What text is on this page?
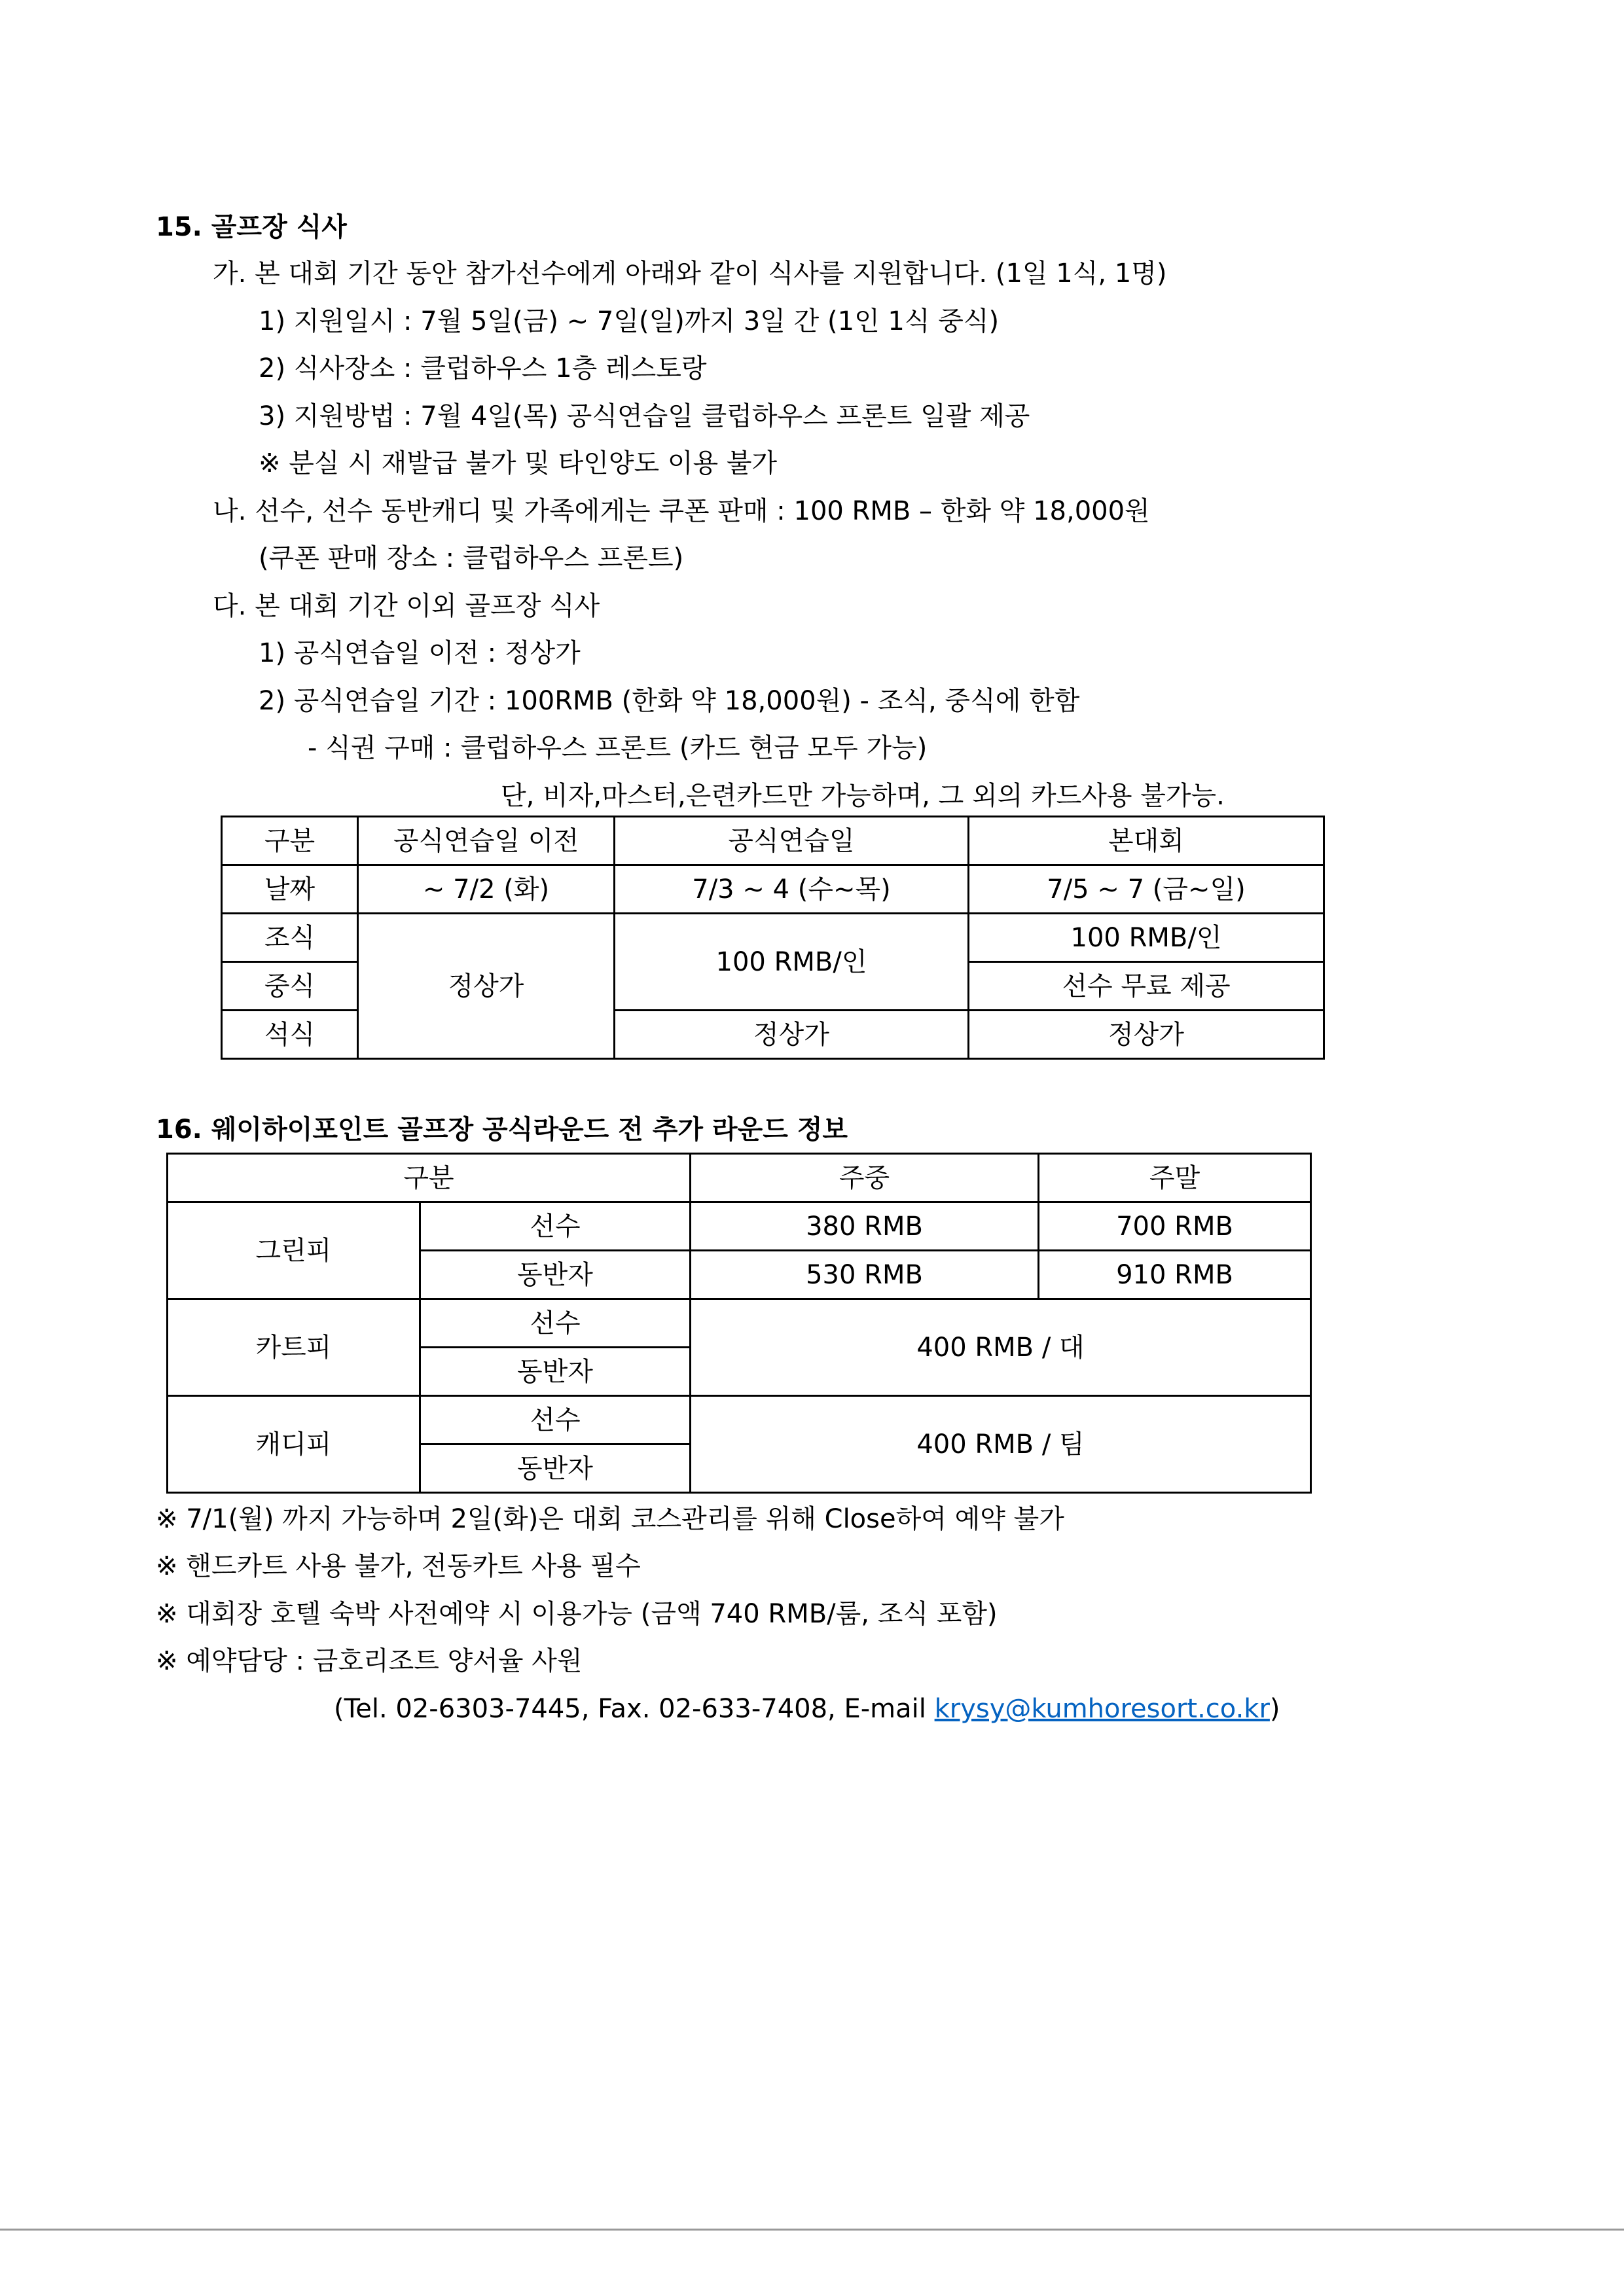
15. 골프장 식사
가. 본 대회 기간 동안 참가선수에게 아래와 같이 식사를 지원합니다. (1일 1식, 1명)
1) 지원일시 : 7월 5일(금) ~ 7일(일)까지 3일 간 (1인 1식 중식)
2) 식사장소 : 클럽하우스 1층 레스토랑
3) 지원방법 : 7월 4일(목) 공식연습일 클럽하우스 프론트 일괄 제공
※ 분실 시 재발급 불가 및 타인양도 이용 불가
나. 선수, 선수 동반캐디 및 가족에게는 쿠폰 판매 : 100 RMB – 한화 약 18,000원
(쿠폰 판매 장소 : 클럽하우스 프론트)
다. 본 대회 기간 이외 골프장 식사
1) 공식연습일 이전 : 정상가
2) 공식연습일 기간 : 100RMB (한화 약 18,000원) - 조식, 중식에 한함
- 식권 구매 : 클럽하우스 프론트 (카드 현금 모두 가능)
단, 비자,마스터,은련카드만 가능하며, 그 외의 카드사용 불가능.
구분	공식연습일 이전	공식연습일	본대회
날짜	~ 7/2 (화)	7/3 ~ 4 (수~목)	7/5 ~ 7 (금~일)
조식	정상가	100 RMB/인	100 RMB/인
중식			선수 무료 제공
석식		정상가	정상가
16. 웨이하이포인트 골프장 공식라운드 전 추가 라운드 정보
구분		주중	주말
그린피	선수	380 RMB	700 RMB
	동반자	530 RMB	910 RMB
카트피	선수	400 RMB / 대	
	동반자		
캐디피	선수	400 RMB / 팀	
	동반자		
※ 7/1(월) 까지 가능하며 2일(화)은 대회 코스관리를 위해 Close하여 예약 불가
※ 핸드카트 사용 불가, 전동카트 사용 필수
※ 대회장 호텔 숙박 사전예약 시 이용가능 (금액 740 RMB/룸, 조식 포함)
※ 예약담당 : 금호리조트 양서율 사원
(Tel. 02-6303-7445, Fax. 02-633-7408, E-mail krysy@kumhoresort.co.kr)
